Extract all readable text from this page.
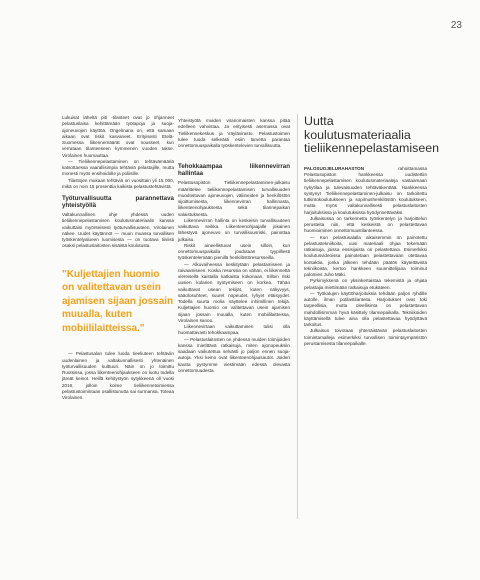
23

Lukuisat läheltä piti -tilanteet ovat jo ohjanneet pelastuslaisa kehittämään työtapoja ja suoja-ajoneuvojen käyttöä. Ongelmana on, että samaan aikaan ovat riskit kasvaneet. Erityisesti Etelä-Suomessa liikennemäärät ovat nousseet, kun verrataan tilanteeseen kymmenen vuoden takse. Virolainen huomauttaa.

— Tieliikennepelastaminen on tehtävämääriä katsottaessa vaarallisimpia tehtäviä pelastajille, mutta monesti myös ensihoidolle ja poliisille.

Tilastojen mukaan tehtäviä on vuosittain yli 15 000, mikä on noin 15 prosenttia kaikista pelastustehtävistä.

Työturvallisuutta parannettava yhteistyöllä

Valtakunnallinen ohje yhdessä uuden tieliikennepelastamisen koulutusmateriaalin kanssa vaikuttaisi myönteisesti työturvallisuuteen, Virolainen näkee. Uudet käytännöt — muun muassa turvallisen työskentelyalueen luomisesta — on tuotava tiiviisti osaksi pelastuslaitosten sisäistä koulutusta.

"Kuljettajien huomio on valitettavan usein ajamisen sijaan jossain muualla, kuten mobiililaitteissa."

— Pelastusalan tulee luoda tieeliuteen tehtäviin uudenlainen ja valtakunnallisesti yhtenäinen työturvallisuuden kulttuuri. Näin on jo toimittu Ruotsissa, jossa liikenteenohjaukseen on luotu todella järeät keinot. Heillä kehitystyön sytykkeenä oli vuosi 2016, jolloin koime tieliikennetoimiessa pelastustoimintaan osallistunutta sai surmansa. Toteaa Virolainen.

Yhteistyötä muiden viranomaisten kanssa pitää edelleen vahvistaa. Ja erityisesti asemassa ovat Tieliikennekeskus ja Väylävirasto. Pelastustoimen tulee tuoda selkeästi esiin tarvetta parantaa onnettomuuspaikalla työskentelevien turvallisuutta.

Tehokkaampaa liikennevirran hallintaa

Pelastusopiston Tieliikennepelastaminen-julkaisu määrittelee tieliikennepelastamisen turvallisuuden muodostuvan ajoneuvojen, väliineiden ja henkilöstön sijoittumisesta, liikennevirran hallinnasta, liikenteenohjauksesta sekä tilannepaikan valaistuksesta.

Liikennevirran hallinta on keskeisin turvallisuuteen vaikuttava seikka. Liikenteenohjaajalle jokainen lähestyvä ajoneuvo on turvallisuusriski, painottaa julkaisu.

Riskit aineellistuvat usein silloin, kun onnettomuuspaikalla joudutaan tyypilliesti työskentelemään pienillä henkilöstöresursseilla.

— Alkuvaiheessa keskitytään pelastamiseen ja raivaamiseen. Koska resurssia on vähän, ei liikennettä viereisellä kaistalla katkaista kokonaan. Silloin riski uusien kolarien syntymiseen on korkea. Tähän vaikuttavat usean tekijät, kuten näkyvyys, sääolosuhteet, suuret nopeudet, lyhyet etäisyydet. Todella suurta roolia näyttelee inhimillinen tekijä. Kuljettajien huomio on valitettavan usein ajamisen sijaan jossain muualla, kuten mobiililaitteissa, Virolainen sanoo.

Liikennevirtaan vaikuttaminen tulisi olla huomattavasti tehokkaampaa.

— Pelastuslaitosten on yhdessä muiden toimijoiden kanssa mietittävä ratkaisuja, miten ajonopeuksiin saadaan vaikutettua selvästi jo paljon ennen suoja-autoja. Yksi keino ovat liikenteenohjausautot. Joiden kautta pystymme viestimään edessä olevasta onnettomuudesta.

Uutta koulutusmateriaalia tieliikennepelastamiseen

PALOSUOJELURAHASTON	rahoittamassa Pelastusopiston hankkeessa uudistettiin tieliikennepelastamisen koulutusmateriaaleja vastaamaan nykytilaa ja tulevaisuuden tehtäväkenttää. Hankkeessa syntynyt Tieliikennepelastaminen-julkaisu on tarkoitettu tutkintokoulutukseen ja sopimushenkilöstön koulutukseen, mutta myös valtakunnallisesti pelastuslaitosten harjoituksissa ja koulutuksissa hyödynnettäväksi.

Julkaisussa on tarkennettu työskentelyn ja harjoittelun perusteita niin, että keskeistä on pelastettavan huomioiminen onnettomuustilanteessa.

— Kun pelastusalalla aikaisemmin on painotettu pelastustekniikoita, uusi materiaali ohjaa tekemään ratkaisuja, joissa ensisijaista on pelastettava. Esimerkiksi koulutusvideoissa painotetaan pelastettavaan otettavaa kontaktia, jonka jälkeen tehdään päätös käytettävistä tekniikoista, kertoo hankkeen suunnittelijana toiminut palomies Juho Mäki.

Pyrkimyksenä on yksinkertaistaa tekemistä ja ohjata pelastajia miettimään ratkaisuja etukäteen.

— Työkalujen käyttöharjoituksia tehdään paljon ryhdille autolle, ilman potilastilanteita. Harjoitukset ovat toki tarpeellisia, mutta oleellisinta on pelastettavan mahdollisimman hyvä käsittely tilannepaikalla. Tekniikoiden käyttämisellä tulee aina olla pelastettavaa hyödyttävä tarkoitus.

Julkaisun toivotaan yhtenäistävän pelastuslaitosten toimintamalleja esimerkiksi turvallisen toimintaympäristön perustamisesta tilannepaikalle.
